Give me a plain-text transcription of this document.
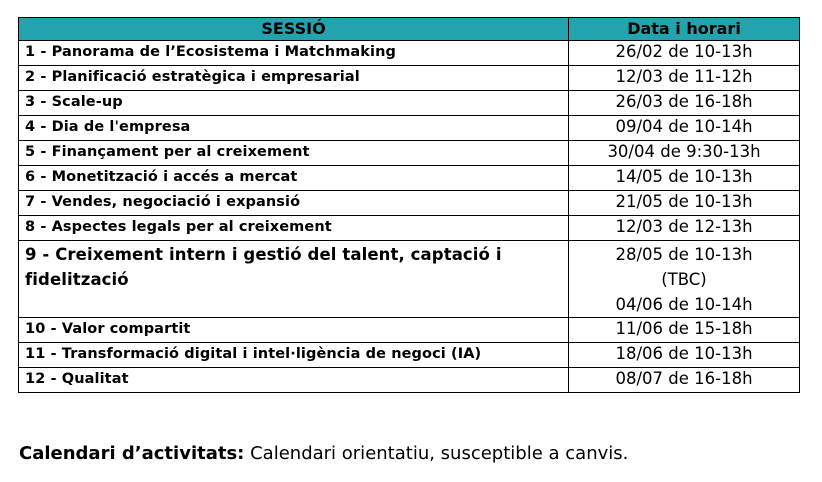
SESSIÓ	Data i horari
1 - Panorama de l’Ecosistema i Matchmaking	26/02 de 10-13h

2 - Planificació estratègica i empresarial	12/03 de 11-12h

3 - Scale-up	26/03 de 16-18h

4 - Dia de l'empresa	09/04 de 10-14h

5 - Finançament per al creixement	30/04 de 9:30-13h

6 - Monetització i accés a mercat	14/05 de 10-13h

7 - Vendes, negociació i expansió	21/05 de 10-13h

8 - Aspectes legals per al creixement	12/03 de 12-13h

9 - Creixement intern i gestió del talent, captació i fidelització	28/05 de 10-13h
(TBC)
04/06 de 10-14h

10 - Valor compartit	11/06 de 15-18h

11 - Transformació digital i intel·ligència de negoci (IA)	18/06 de 10-13h

12 - Qualitat	08/07 de 16-18h
Calendari d’activitats: Calendari orientatiu, susceptible a canvis.
